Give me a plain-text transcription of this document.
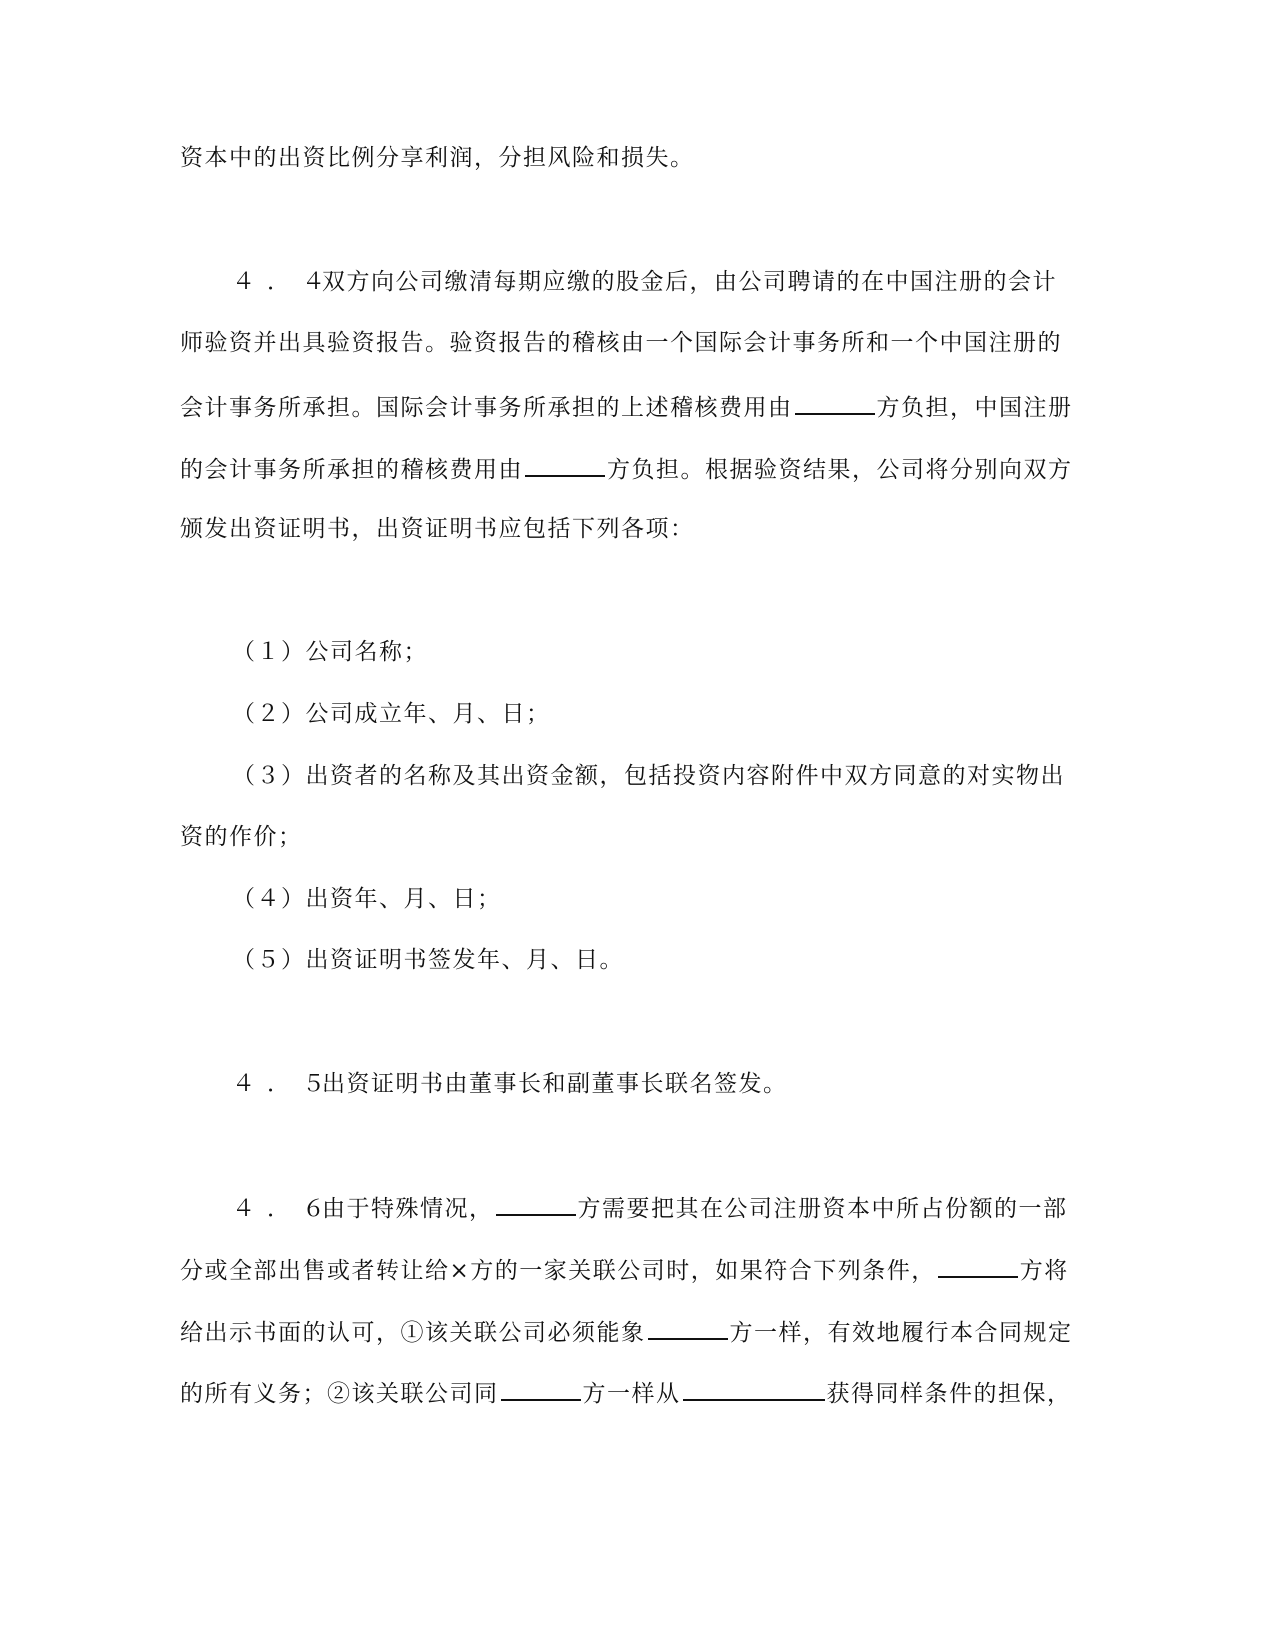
资本中的出资比例分享利润，分担风险和损失。
４．４双方向公司缴清每期应缴的股金后，由公司聘请的在中国注册的会计
师验资并出具验资报告。验资报告的稽核由一个国际会计事务所和一个中国注册的
会计事务所承担。国际会计事务所承担的上述稽核费用由	方负担，中国注册
的会计事务所承担的稽核费用由	方负担。根据验资结果，公司将分别向双方
颁发出资证明书，出资证明书应包括下列各项：
（１）公司名称；
（２）公司成立年、月、日；
（３）出资者的名称及其出资金额，包括投资内容附件中双方同意的对实物出
资的作价；
（４）出资年、月、日；
（５）出资证明书签发年、月、日。
４．５出资证明书由董事长和副董事长联名签发。
４．６由于特殊情况，	方需要把其在公司注册资本中所占份额的一部
分或全部出售或者转让给×方的一家关联公司时，如果符合下列条件，	方将
给出示书面的认可，①该关联公司必须能象	方一样，有效地履行本合同规定
的所有义务；②该关联公司同	方一样从	获得同样条件的担保，
